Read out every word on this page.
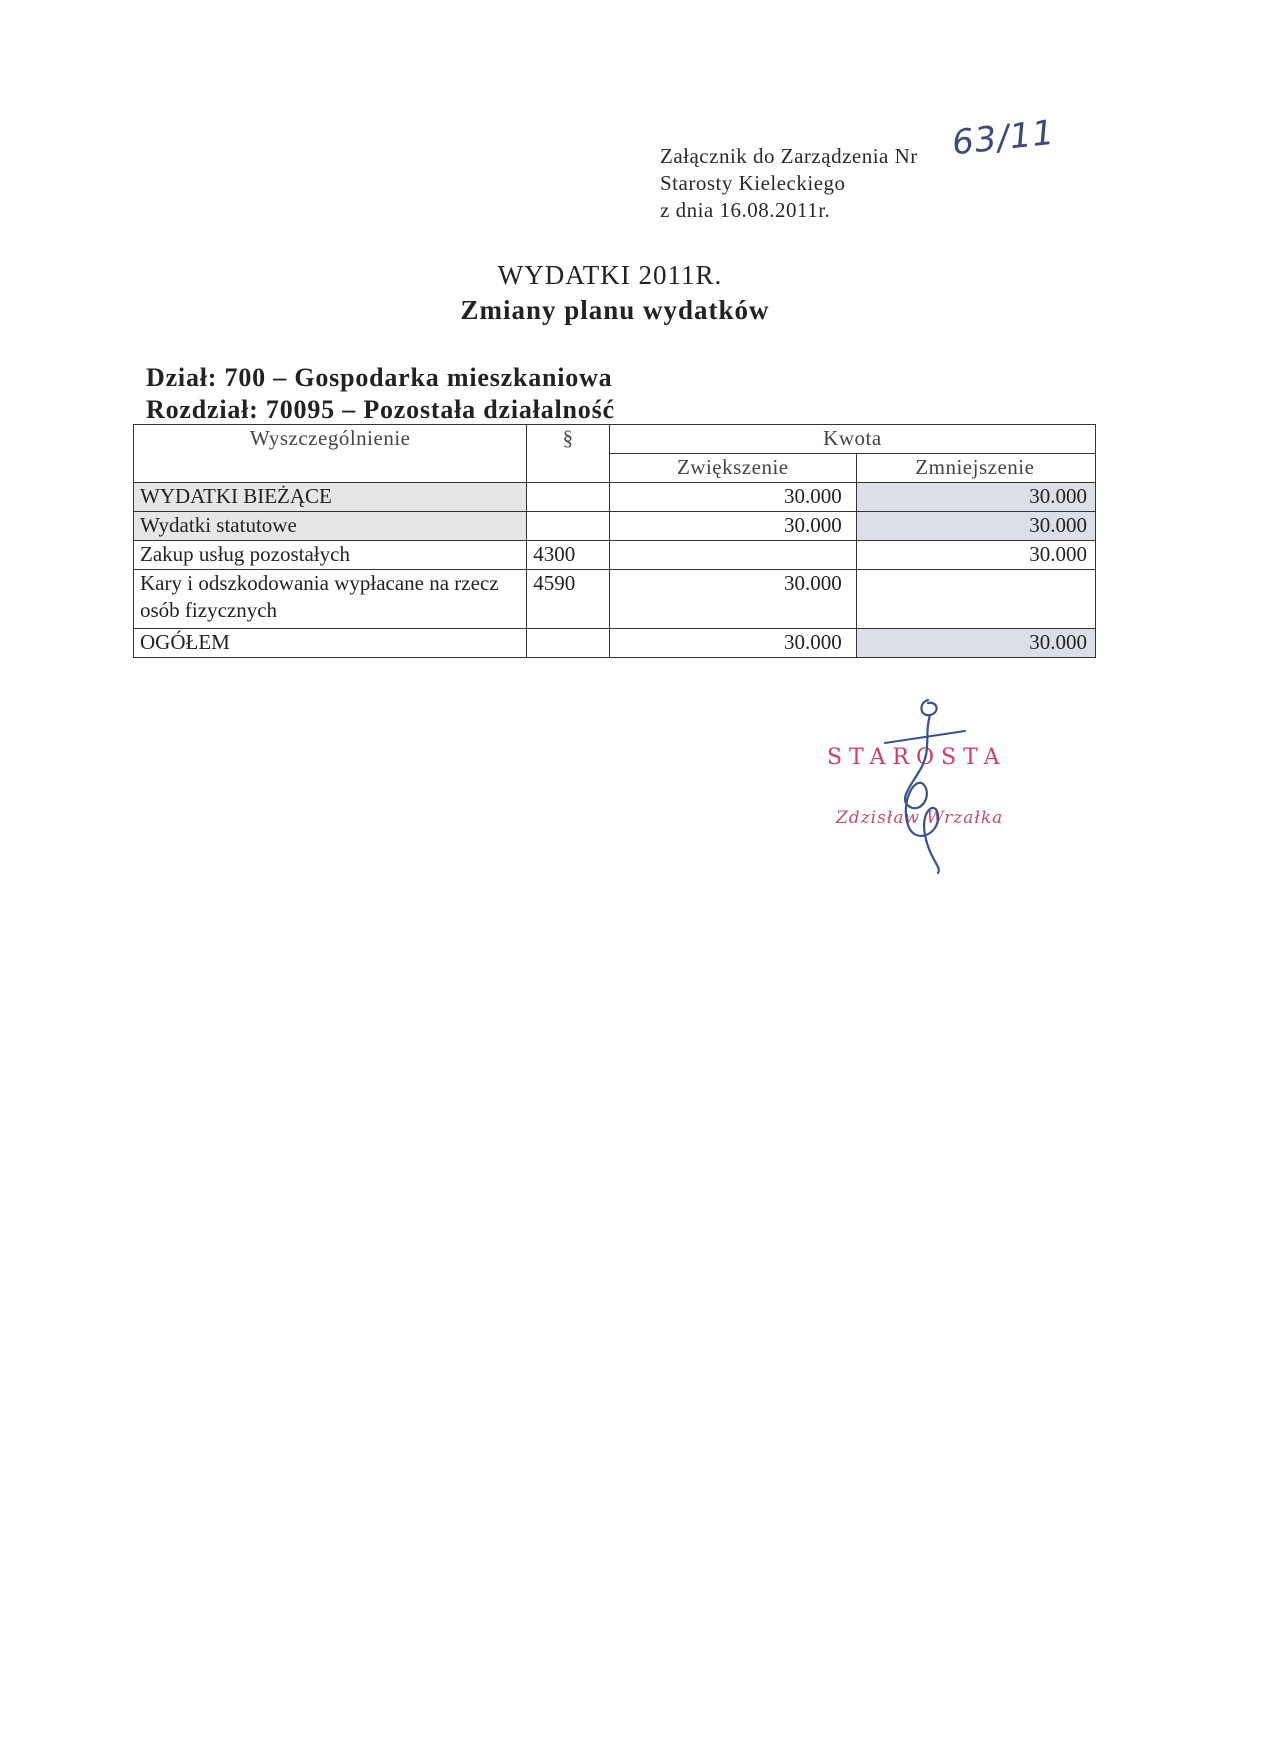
Załącznik do Zarządzenia Nr
Starosty Kieleckiego
z dnia 16.08.2011r.
63/11
WYDATKI 2011R.
Zmiany planu wydatków
Dział: 700 – Gospodarka mieszkaniowa
Rozdział: 70095 – Pozostała działalność
Wyszczególnienie	§	Kwota	
		Zwiększenie	Zmniejszenie
WYDATKI BIEŻĄCE		30.000	30.000
Wydatki statutowe		30.000	30.000
Zakup usług pozostałych	4300		30.000
Kary i odszkodowania wypłacane na rzecz osób fizycznych	4590	30.000	
OGÓŁEM		30.000	30.000
STAROSTA
Zdzisław Wrzałka
